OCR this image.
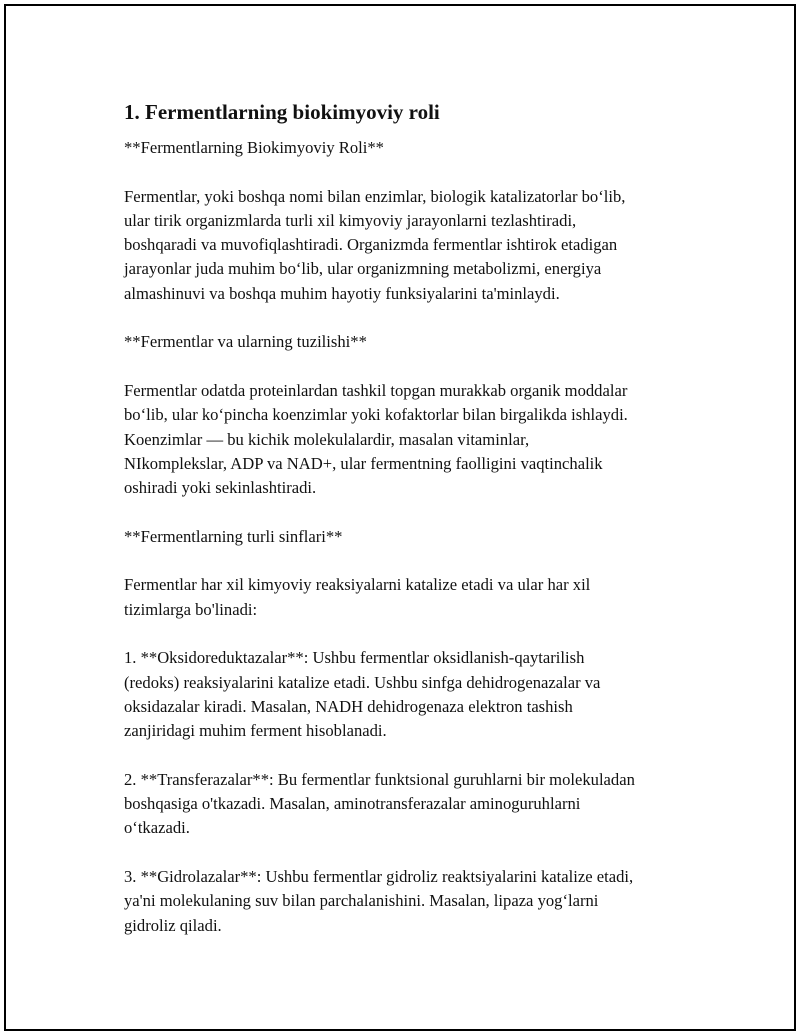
1. Fermentlarning biokimyoviy roli
**Fermentlarning Biokimyoviy Roli**
Fermentlar, yoki boshqa nomi bilan enzimlar, biologik katalizatorlar bo‘lib,
ular tirik organizmlarda turli xil kimyoviy jarayonlarni tezlashtiradi,
boshqaradi va muvofiqlashtiradi. Organizmda fermentlar ishtirok etadigan
jarayonlar juda muhim bo‘lib, ular organizmning metabolizmi, energiya
almashinuvi va boshqa muhim hayotiy funksiyalarini ta'minlaydi.
**Fermentlar va ularning tuzilishi**
Fermentlar odatda proteinlardan tashkil topgan murakkab organik moddalar
bo‘lib, ular ko‘pincha koenzimlar yoki kofaktorlar bilan birgalikda ishlaydi.
Koenzimlar — bu kichik molekulalardir, masalan vitaminlar,
NIkomplekslar, ADP va NAD+, ular fermentning faolligini vaqtinchalik
oshiradi yoki sekinlashtiradi.
**Fermentlarning turli sinflari**
Fermentlar har xil kimyoviy reaksiyalarni katalize etadi va ular har xil
tizimlarga bo'linadi:
1. **Oksidoreduktazalar**: Ushbu fermentlar oksidlanish-qaytarilish
(redoks) reaksiyalarini katalize etadi. Ushbu sinfga dehidrogenazalar va
oksidazalar kiradi. Masalan, NADH dehidrogenaza elektron tashish
zanjiridagi muhim ferment hisoblanadi.
2. **Transferazalar**: Bu fermentlar funktsional guruhlarni bir molekuladan
boshqasiga o'tkazadi. Masalan, aminotransferazalar aminoguruhlarni
o‘tkazadi.
3. **Gidrolazalar**: Ushbu fermentlar gidroliz reaktsiyalarini katalize etadi,
ya'ni molekulaning suv bilan parchalanishini. Masalan, lipaza yog‘larni
gidroliz qiladi.
